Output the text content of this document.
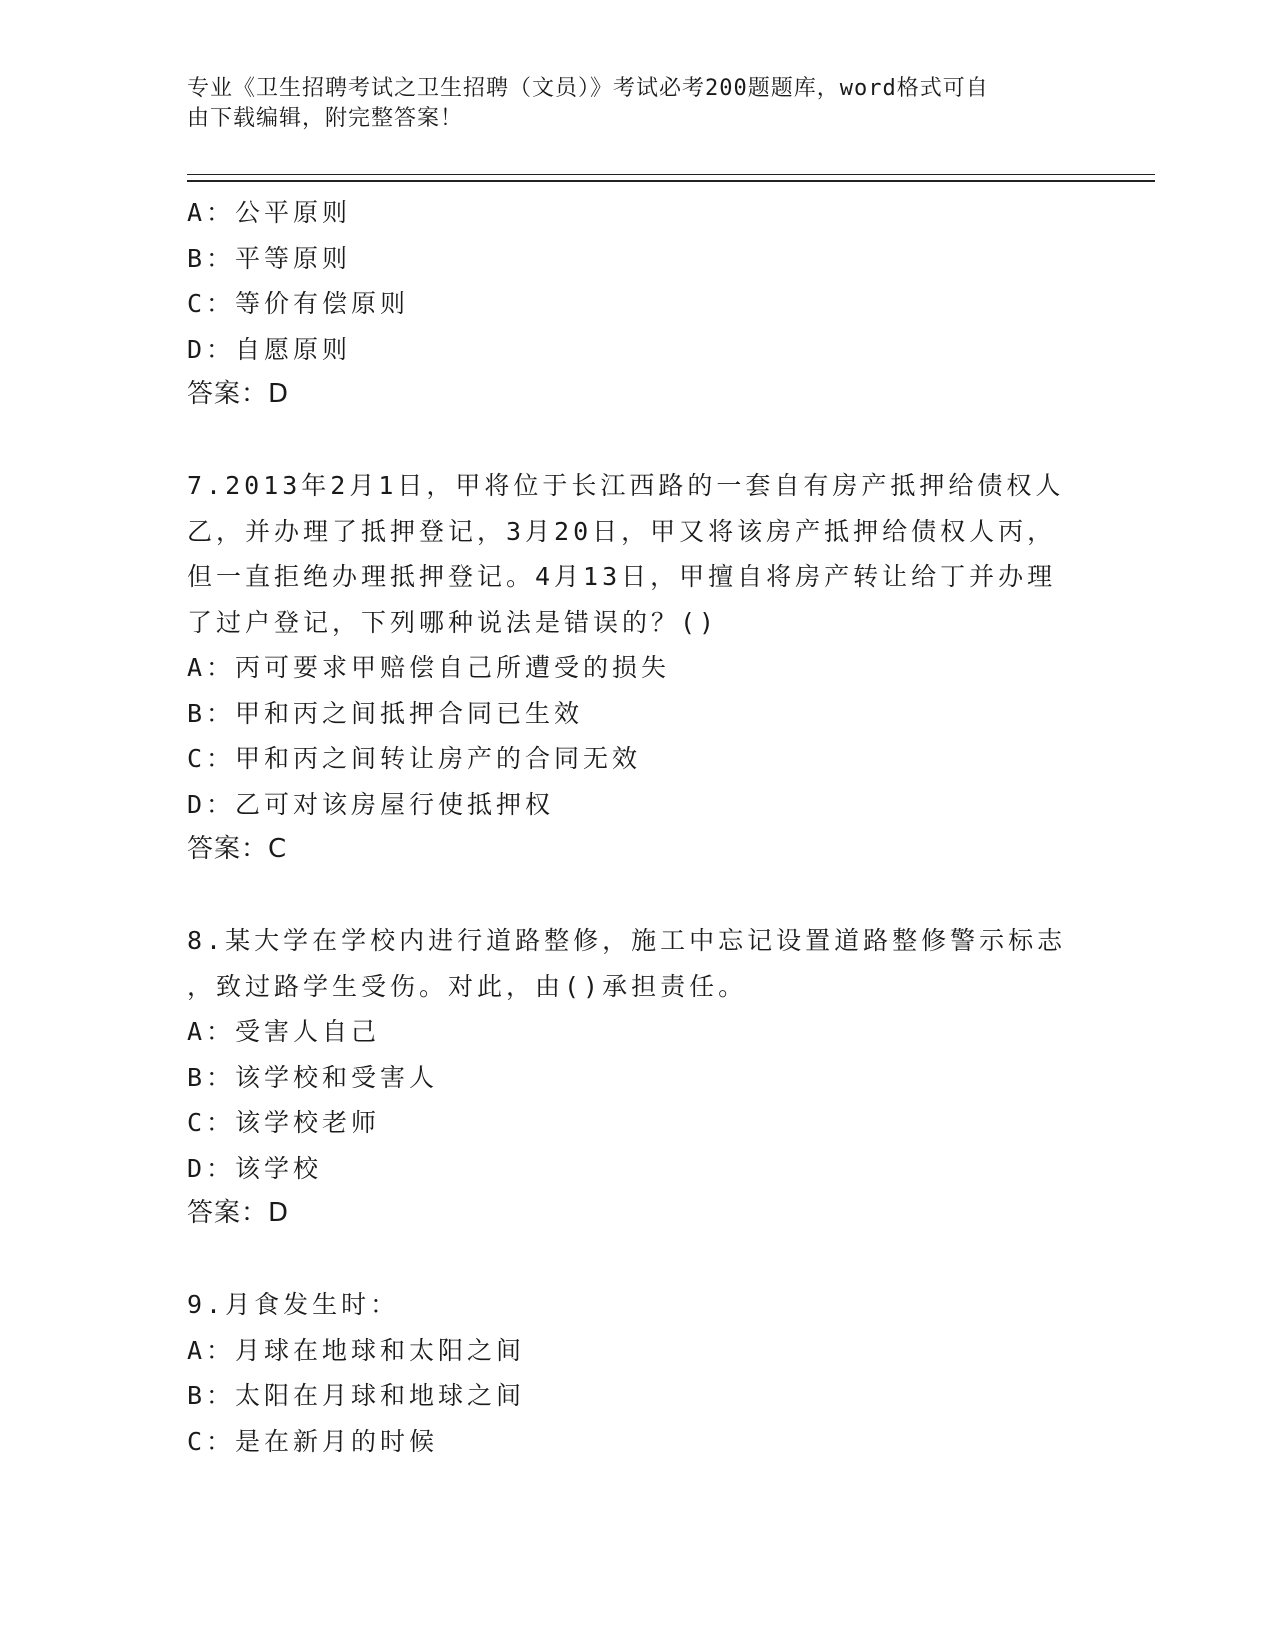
专业《卫生招聘考试之卫生招聘（文员）》考试必考200题题库，word格式可自
由下载编辑，附完整答案！
A：公平原则
B：平等原则
C：等价有偿原则
D：自愿原则
答案：D
7.2013年2月1日，甲将位于长江西路的一套自有房产抵押给债权人
乙，并办理了抵押登记，3月20日，甲又将该房产抵押给债权人丙，
但一直拒绝办理抵押登记。4月13日，甲擅自将房产转让给丁并办理
了过户登记，下列哪种说法是错误的？()
A：丙可要求甲赔偿自己所遭受的损失
B：甲和丙之间抵押合同已生效
C：甲和丙之间转让房产的合同无效
D：乙可对该房屋行使抵押权
答案：C
8.某大学在学校内进行道路整修，施工中忘记设置道路整修警示标志
，致过路学生受伤。对此，由()承担责任。
A：受害人自己
B：该学校和受害人
C：该学校老师
D：该学校
答案：D
9.月食发生时：
A：月球在地球和太阳之间
B：太阳在月球和地球之间
C：是在新月的时候
